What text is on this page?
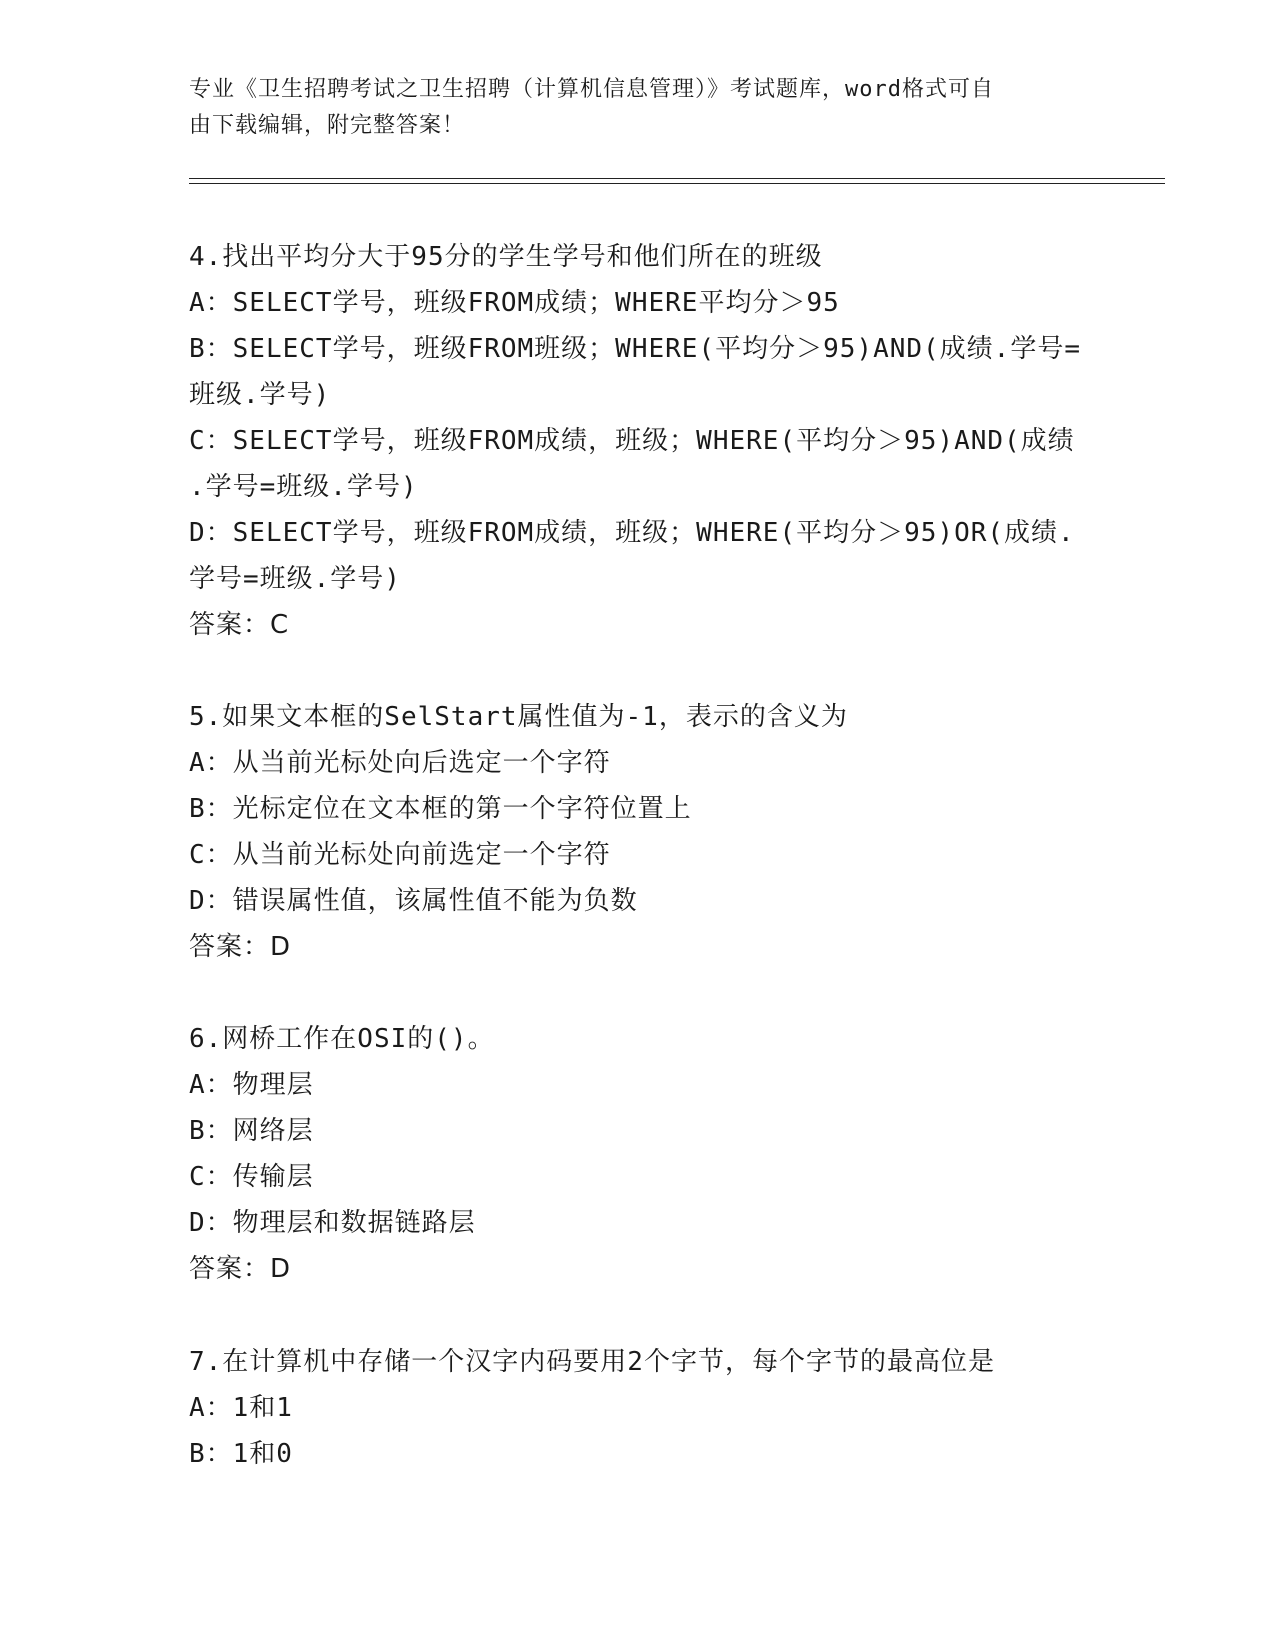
专业《卫生招聘考试之卫生招聘（计算机信息管理）》考试题库，word格式可自
由下载编辑，附完整答案！
4.找出平均分大于95分的学生学号和他们所在的班级
A：SELECT学号，班级FROM成绩；WHERE平均分＞95
B：SELECT学号，班级FROM班级；WHERE(平均分＞95)AND(成绩.学号=
班级.学号)
C：SELECT学号，班级FROM成绩，班级；WHERE(平均分＞95)AND(成绩
.学号=班级.学号)
D：SELECT学号，班级FROM成绩，班级；WHERE(平均分＞95)OR(成绩.
学号=班级.学号)
答案：C
5.如果文本框的SelStart属性值为-1，表示的含义为
A：从当前光标处向后选定一个字符
B：光标定位在文本框的第一个字符位置上
C：从当前光标处向前选定一个字符
D：错误属性值，该属性值不能为负数
答案：D
6.网桥工作在OSI的()。
A：物理层
B：网络层
C：传输层
D：物理层和数据链路层
答案：D
7.在计算机中存储一个汉字内码要用2个字节，每个字节的最高位是
A：1和1
B：1和0
